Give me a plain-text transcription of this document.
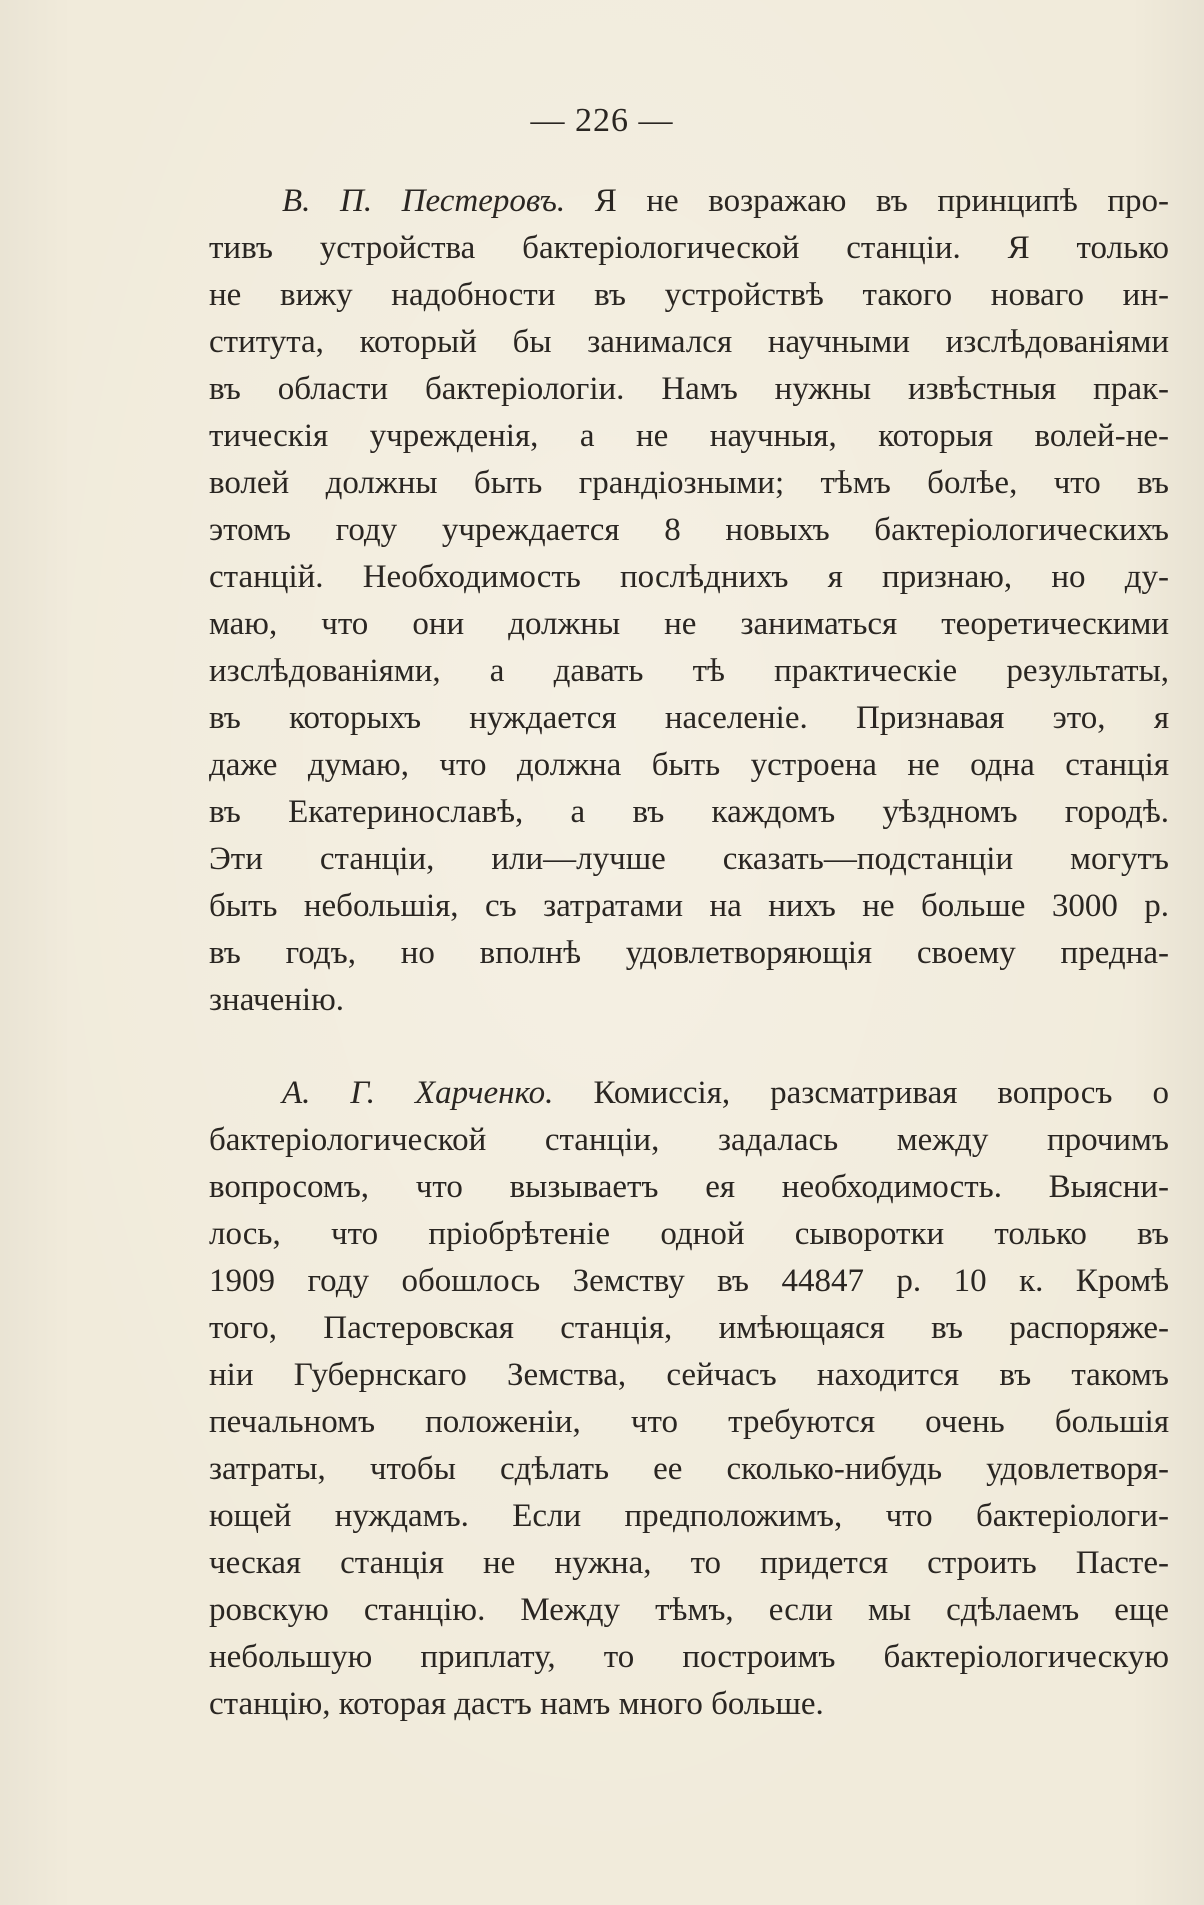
— 226 —
В. П. Пестеровъ. Я не возражаю въ принципѣ про-
тивъ устройства бактеріологической станціи. Я только
не вижу надобности въ устройствѣ такого новаго ин-
ститута, который бы занимался научными изслѣдованіями
въ области бактеріологіи. Намъ нужны извѣстныя прак-
тическія учрежденія, а не научныя, которыя волей-не-
волей должны быть грандіозными; тѣмъ болѣе, что въ
этомъ году учреждается 8 новыхъ бактеріологическихъ
станцій. Необходимость послѣднихъ я признаю, но ду-
маю, что они должны не заниматься теоретическими
изслѣдованіями, а давать тѣ практическіе результаты,
въ которыхъ нуждается населеніе. Признавая это, я
даже думаю, что должна быть устроена не одна станція
въ Екатеринославѣ, а въ каждомъ уѣздномъ городѣ.
Эти станціи, или—лучше сказать—подстанціи могутъ
быть небольшія, съ затратами на нихъ не больше 3000 р.
въ годъ, но вполнѣ удовлетворяющія своему предна-
значенію.
А. Г. Харченко. Комиссія, разсматривая вопросъ о
бактеріологической станціи, задалась между прочимъ
вопросомъ, что вызываетъ ея необходимость. Выясни-
лось, что пріобрѣтеніе одной сыворотки только въ
1909 году обошлось Земству въ 44847 р. 10 к. Кромѣ
того, Пастеровская станція, имѣющаяся въ распоряже-
ніи Губернскаго Земства, сейчасъ находится въ такомъ
печальномъ положеніи, что требуются очень большія
затраты, чтобы сдѣлать ее сколько-нибудь удовлетворя-
ющей нуждамъ. Если предположимъ, что бактеріологи-
ческая станція не нужна, то придется строить Пасте-
ровскую станцію. Между тѣмъ, если мы сдѣлаемъ еще
небольшую приплату, то построимъ бактеріологическую
станцію, которая дастъ намъ много больше.
